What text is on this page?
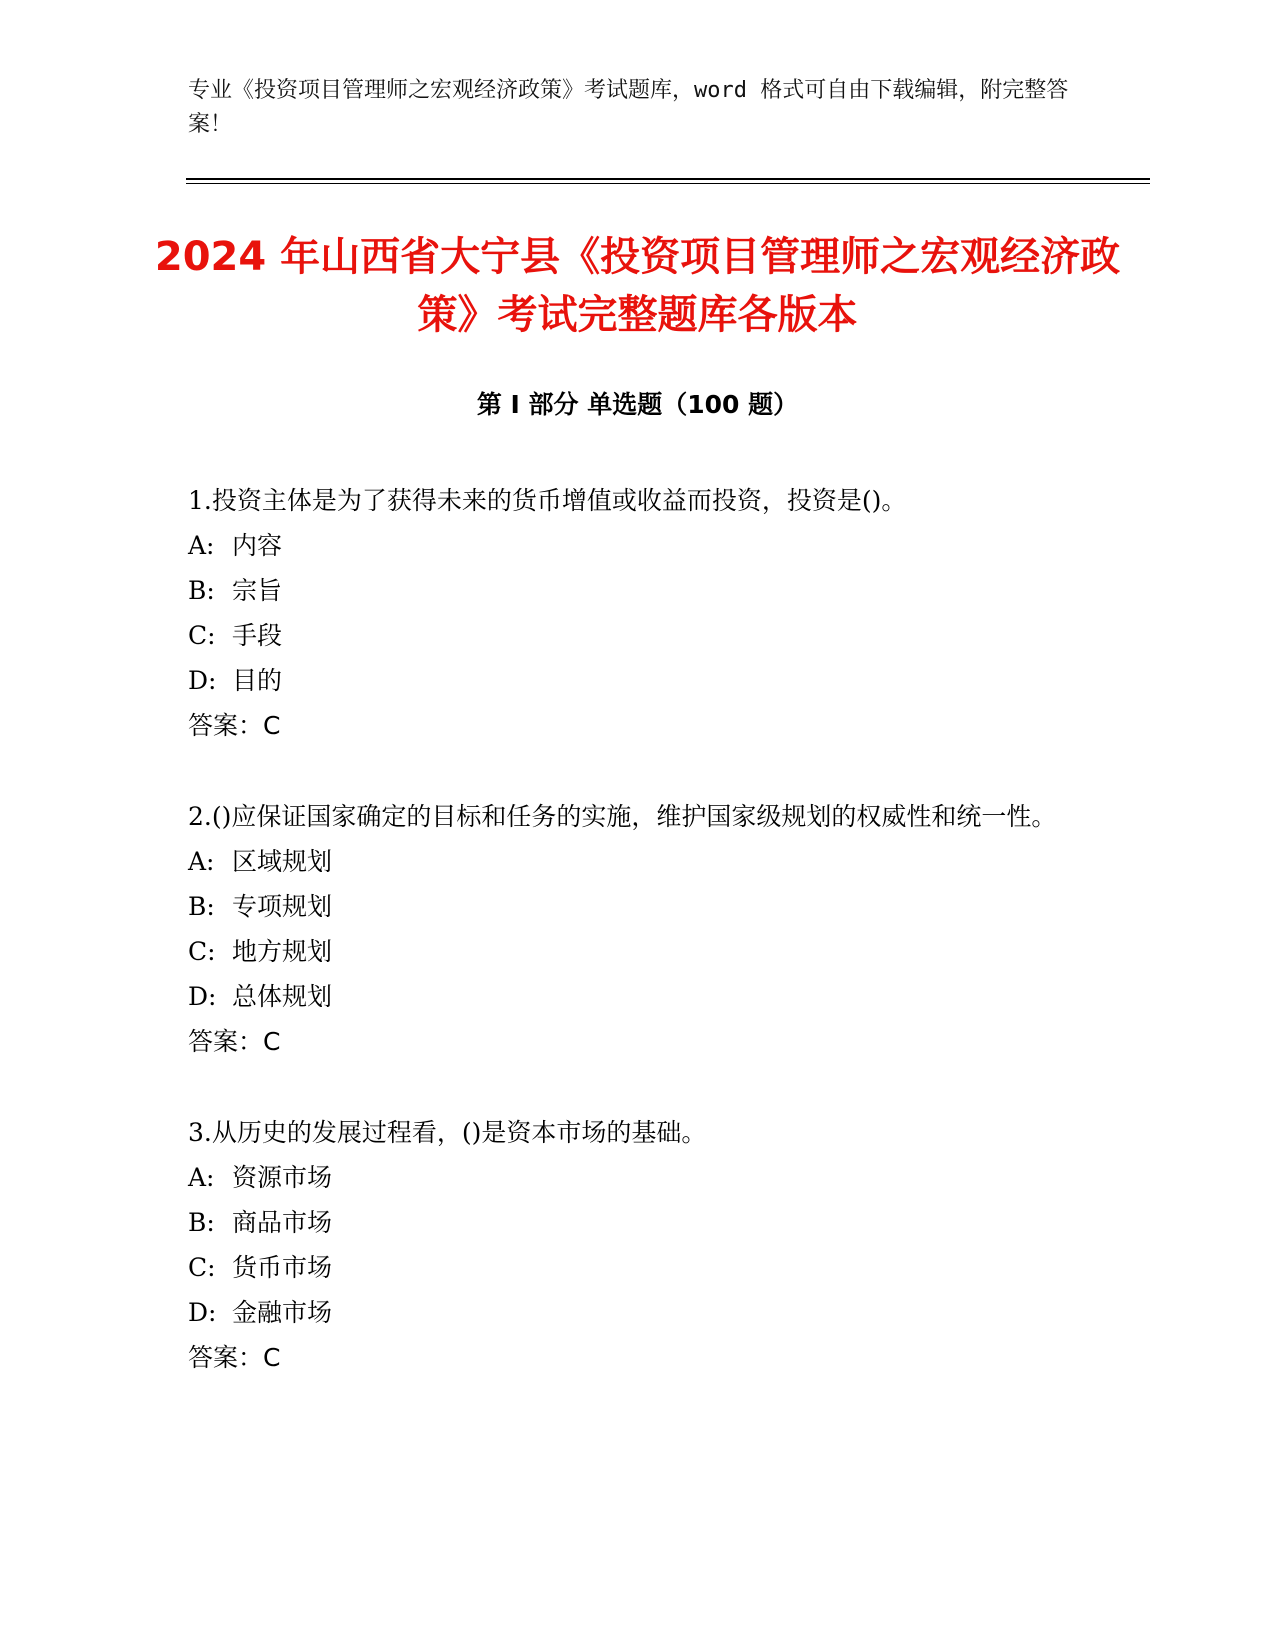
专业《投资项目管理师之宏观经济政策》考试题库，word 格式可自由下载编辑，附完整答案！
2024 年山西省大宁县《投资项目管理师之宏观经济政策》考试完整题库各版本
第 I 部分 单选题（100 题）

1.投资主体是为了获得未来的货币增值或收益而投资，投资是()。

A: 内容

B: 宗旨

C: 手段

D: 目的

答案：C

2.()应保证国家确定的目标和任务的实施，维护国家级规划的权威性和统一性。

A: 区域规划

B: 专项规划

C: 地方规划

D: 总体规划

答案：C

3.从历史的发展过程看，()是资本市场的基础。

A: 资源市场

B: 商品市场

C: 货币市场

D: 金融市场

答案：C
